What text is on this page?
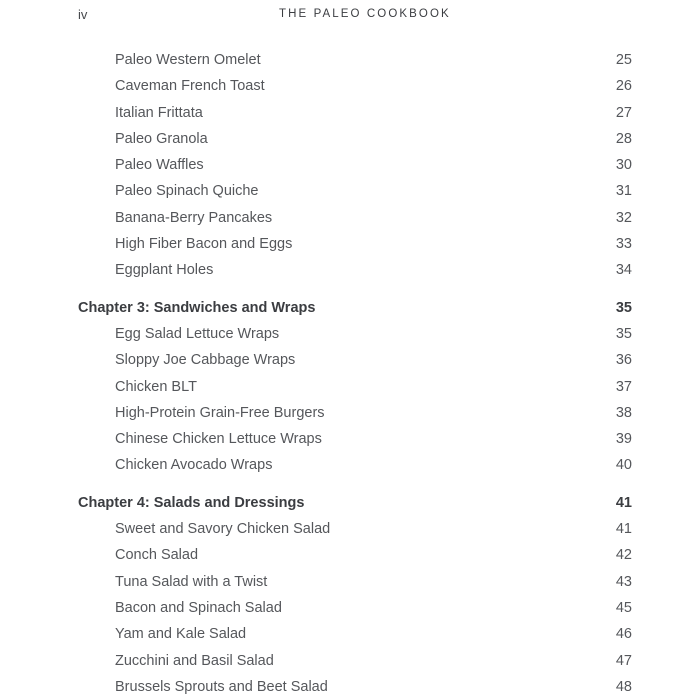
iv	THE PALEO COOKBOOK
Paleo Western Omelet	25
Caveman French Toast	26
Italian Frittata	27
Paleo Granola	28
Paleo Waffles	30
Paleo Spinach Quiche	31
Banana-Berry Pancakes	32
High Fiber Bacon and Eggs	33
Eggplant Holes	34
Chapter 3: Sandwiches and Wraps	35
Egg Salad Lettuce Wraps	35
Sloppy Joe Cabbage Wraps	36
Chicken BLT	37
High-Protein Grain-Free Burgers	38
Chinese Chicken Lettuce Wraps	39
Chicken Avocado Wraps	40
Chapter 4: Salads and Dressings	41
Sweet and Savory Chicken Salad	41
Conch Salad	42
Tuna Salad with a Twist	43
Bacon and Spinach Salad	45
Yam and Kale Salad	46
Zucchini and Basil Salad	47
Brussels Sprouts and Beet Salad	48
